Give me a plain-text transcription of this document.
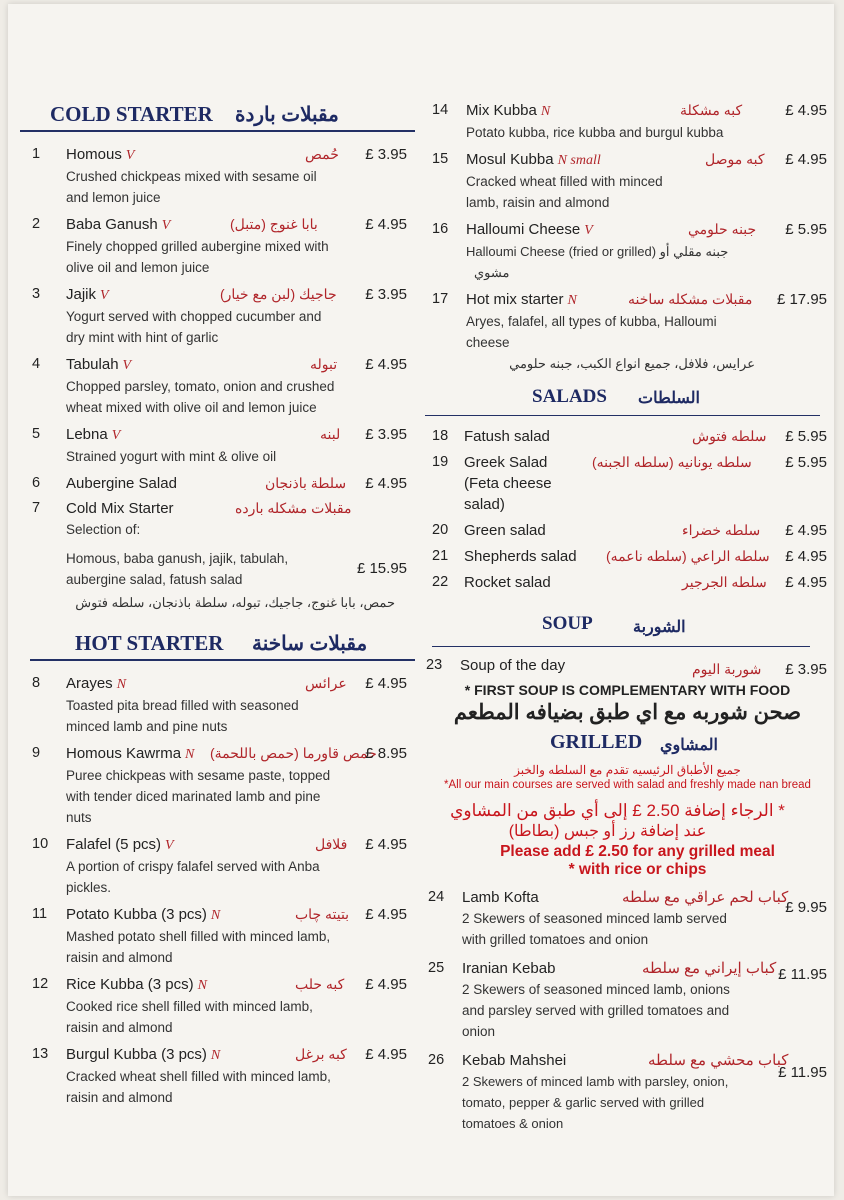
COLD STARTER مقبلات باردة
1 Homous V	حُمص £ 3.95
Crushed chickpeas mixed with sesame oil and lemon juice
2 Baba Ganush V	بابا غنوج (متبل)	£ 4.95
Finely chopped grilled aubergine mixed with olive oil and lemon juice
3 Jajik V	جاجيك (لبن مع خيار) £ 3.95
Yogurt served with chopped cucumber and dry mint with hint of garlic
4 Tabulah V	تبوله £ 4.95
Chopped parsley, tomato, onion and crushed wheat mixed with olive oil and lemon juice
5 Lebna V	لبنه £ 3.95
Strained yogurt with mint & olive oil
6 Aubergine Salad	سلطة باذنجان £ 4.95
7 Cold Mix Starter	مقبلات مشكله بارده
Selection of:
Homous, baba ganush, jajik, tabulah, aubergine salad, fatush salad
£ 15.95
حمص، بابا غنوج، جاجيك، تبوله، سلطة باذنجان، سلطه فتوش
HOT STARTER مقبلات ساخنة
8 Arayes N	عرائس £ 4.95
Toasted pita bread filled with seasoned minced lamb and pine nuts
9 Homous Kawrma N حمص قاورما (حمص باللحمة)
£ 8.95
Puree chickpeas with sesame paste, topped with tender diced marinated lamb and pine nuts
10 Falafel (5 pcs) V	فلافل £ 4.95
A portion of crispy falafel served with Anba pickles.
11 Potato Kubba (3 pcs) N	بتيته چاب £ 4.95
Mashed potato shell filled with minced lamb, raisin and almond
12 Rice Kubba (3 pcs) N	كبه حلب £ 4.95
Cooked rice shell filled with minced lamb, raisin and almond
13 Burgul Kubba (3 pcs) N	كبه برغل £ 4.95
Cracked wheat shell filled with minced lamb, raisin and almond
14 Mix Kubba N	كبه مشكلة	£ 4.95
Potato kubba, rice kubba and burgul kubba
15 Mosul Kubba N small	كبه موصل £ 4.95
Cracked wheat filled with minced lamb, raisin and almond
16 Halloumi Cheese V	جبنه حلومي £ 5.95
Halloumi Cheese (fried or grilled) جبنه مقلي أو مشوي
17 Hot mix starter N	مقبلات مشكله ساخنه £ 17.95
Aryes, falafel, all types of kubba, Halloumi cheese
عرايس، فلافل، جميع انواع الكبب، جبنه حلومي
SALADS السلطات
18 Fatush salad	سلطه فتوش £ 5.95
19 Greek Salad (Feta cheese salad)
سلطه يونانيه (سلطه الجبنه) £ 5.95
20 Green salad	سلطه خضراء £ 4.95
21 Shepherds salad سلطه الراعي (سلطه ناعمه) £ 4.95
22 Rocket salad	سلطه الجرجير £ 4.95
SOUP	الشوربة
23 Soup of the day	شوربة اليوم £ 3.95
* FIRST SOUP IS COMPLEMENTARY WITH FOOD
صحن شوربه مع اي طبق بضيافه المطعم
GRILLED المشاوي
جميع الأطباق الرئيسيه تقدم مع السلطه والخبز
*All our main courses are served with salad and freshly made nan bread
* الرجاء إضافة 2.50 £ إلى أي طبق من المشاوي
عند إضافة رز أو جبس (بطاطا)
Please add £ 2.50 for any grilled meal
* with rice or chips
24 Lamb Kofta	كباب لحم عراقي مع سلطه
£ 9.95
2 Skewers of seasoned minced lamb served with grilled tomatoes and onion
25 Iranian Kebab	كباب إيراني مع سلطه £ 11.95
2 Skewers of seasoned minced lamb, onions and parsley served with grilled tomatoes and onion
26 Kebab Mahshei	كباب محشي مع سلطه
£ 11.95
2 Skewers of minced lamb with parsley, onion, tomato, pepper & garlic served with grilled tomatoes & onion
